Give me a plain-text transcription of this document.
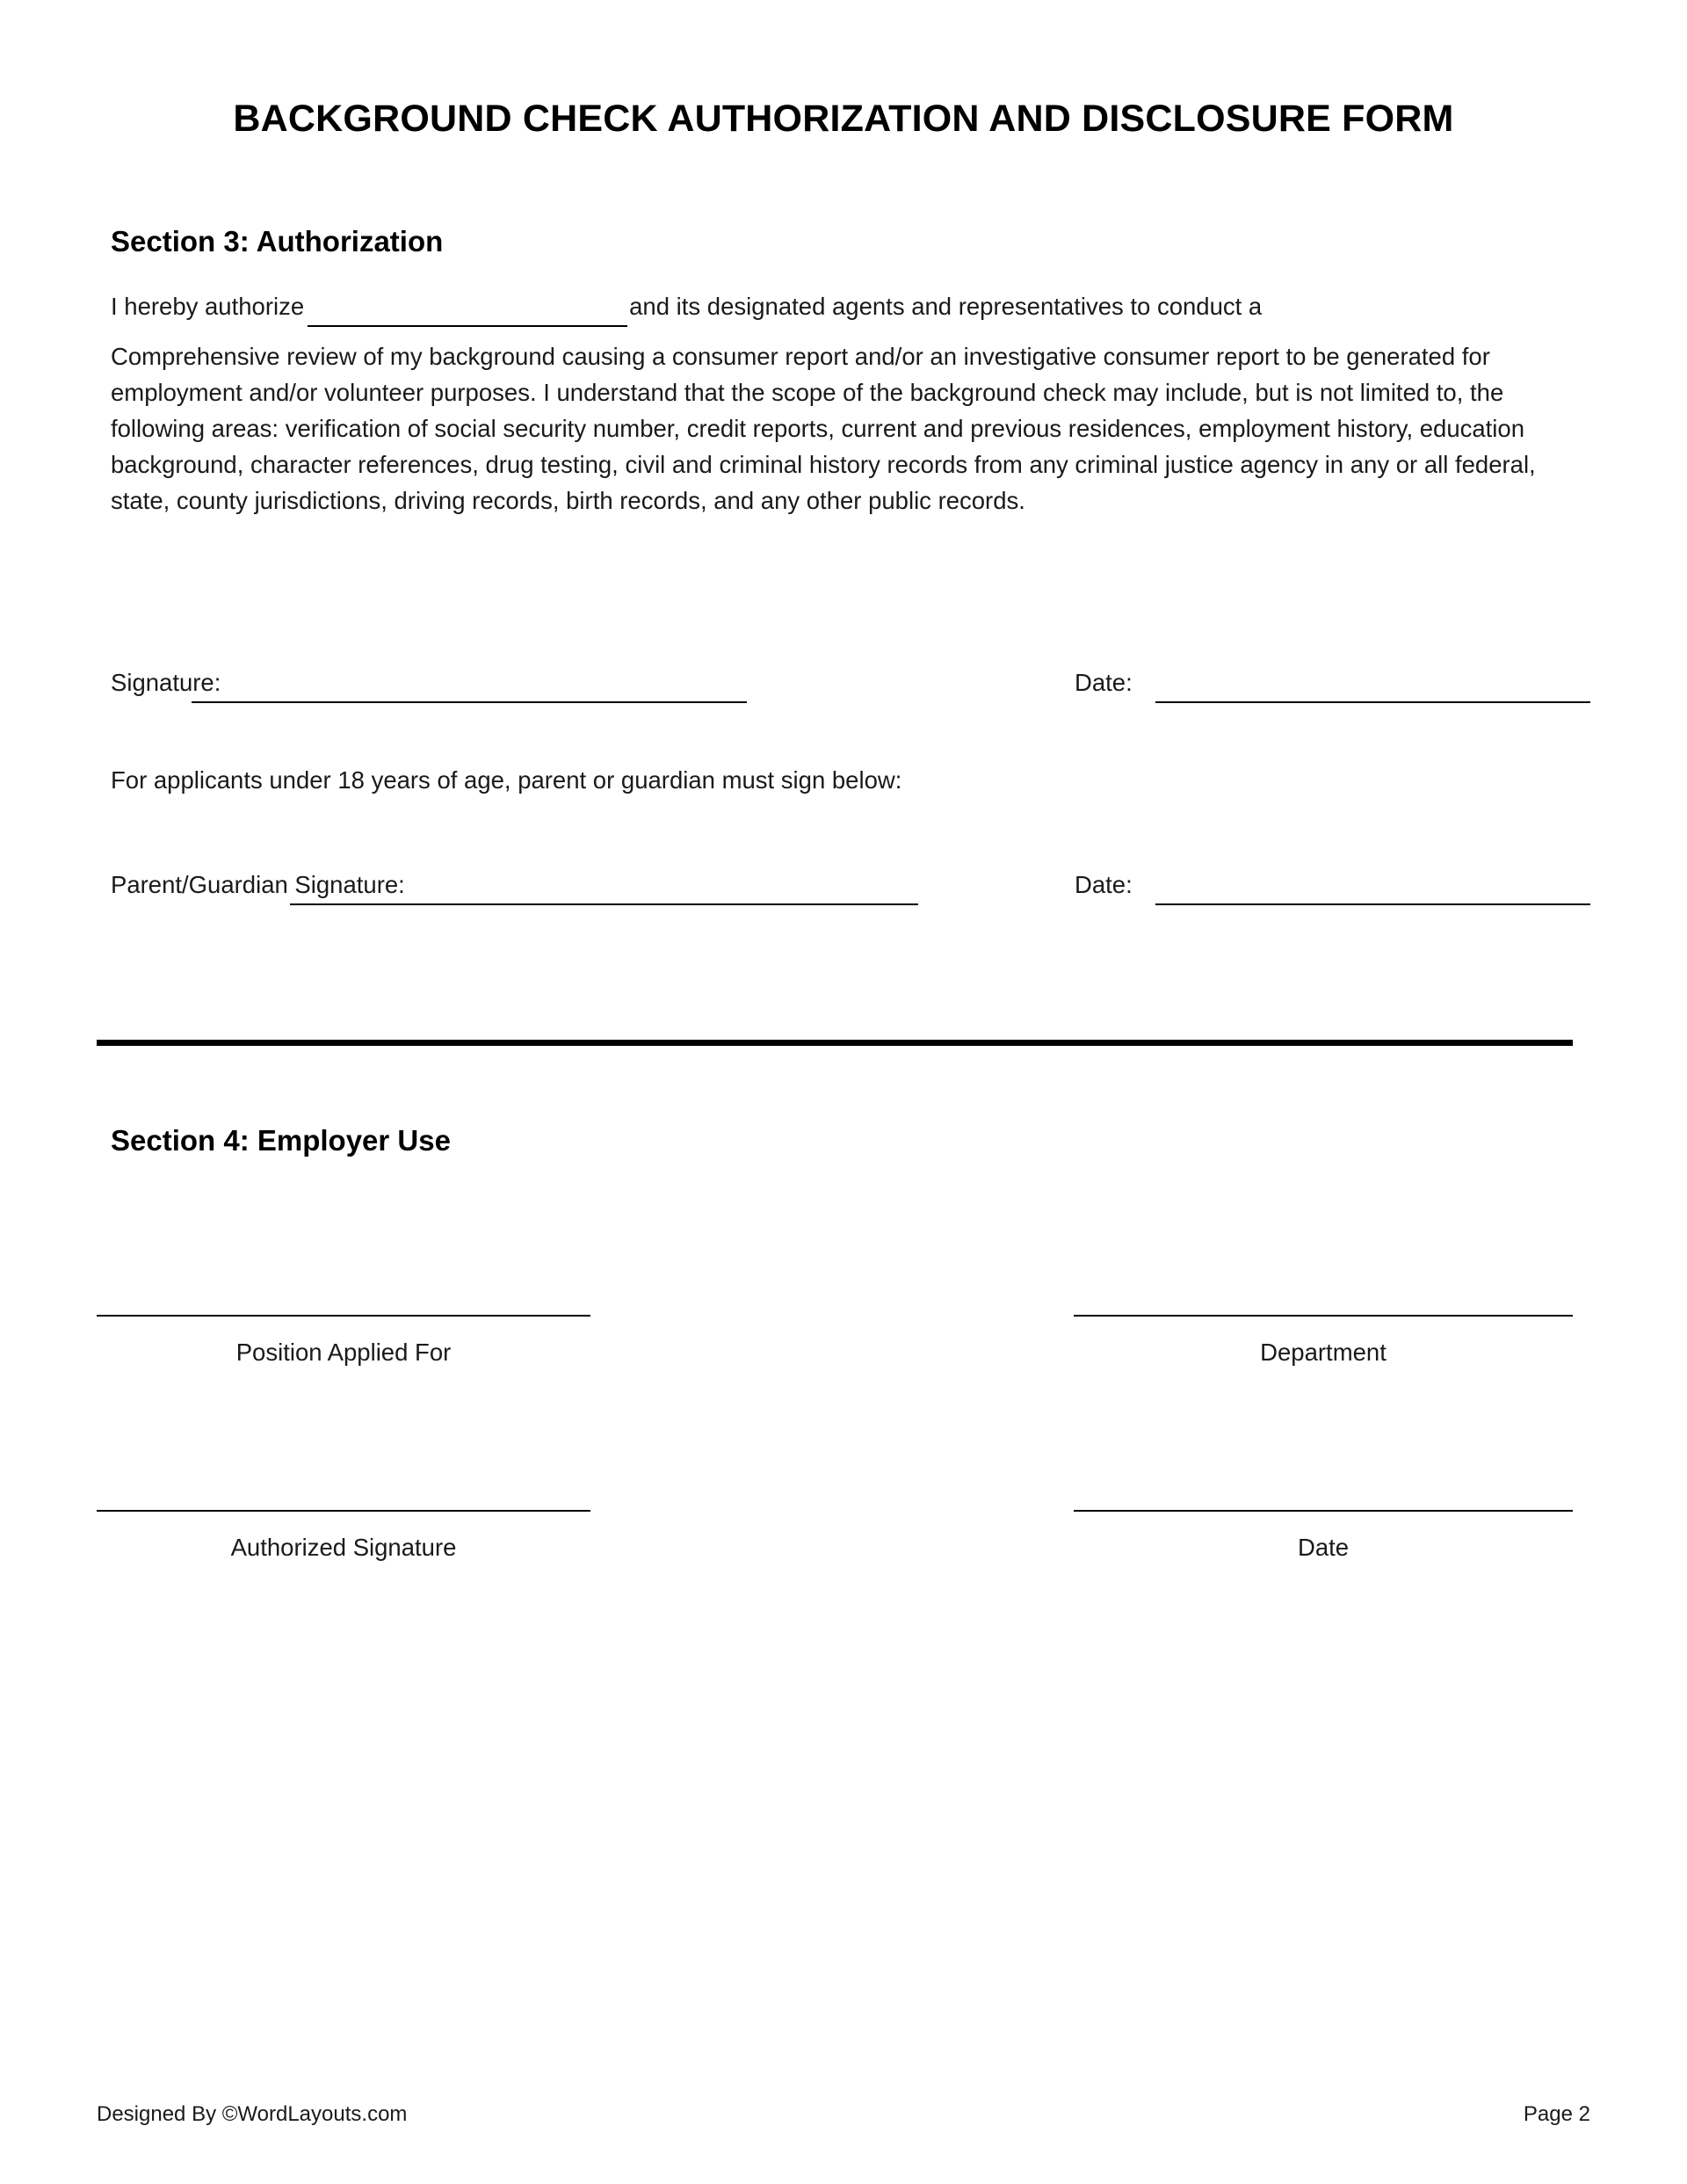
BACKGROUND CHECK AUTHORIZATION AND DISCLOSURE FORM
Section 3: Authorization
I hereby authorize	and its designated agents and representatives to conduct a
Comprehensive review of my background causing a consumer report and/or an investigative consumer report to be generated for employment and/or volunteer purposes. I understand that the scope of the background check may include, but is not limited to, the following areas: verification of social security number, credit reports, current and previous residences, employment history, education background, character references, drug testing, civil and criminal history records from any criminal justice agency in any or all federal, state, county jurisdictions, driving records, birth records, and any other public records.
Signature:	Date:
For applicants under 18 years of age, parent or guardian must sign below:
Parent/Guardian Signature:	Date:
Section 4: Employer Use
Position Applied For	Department
Authorized Signature	Date
Designed By ©WordLayouts.com	Page 2
